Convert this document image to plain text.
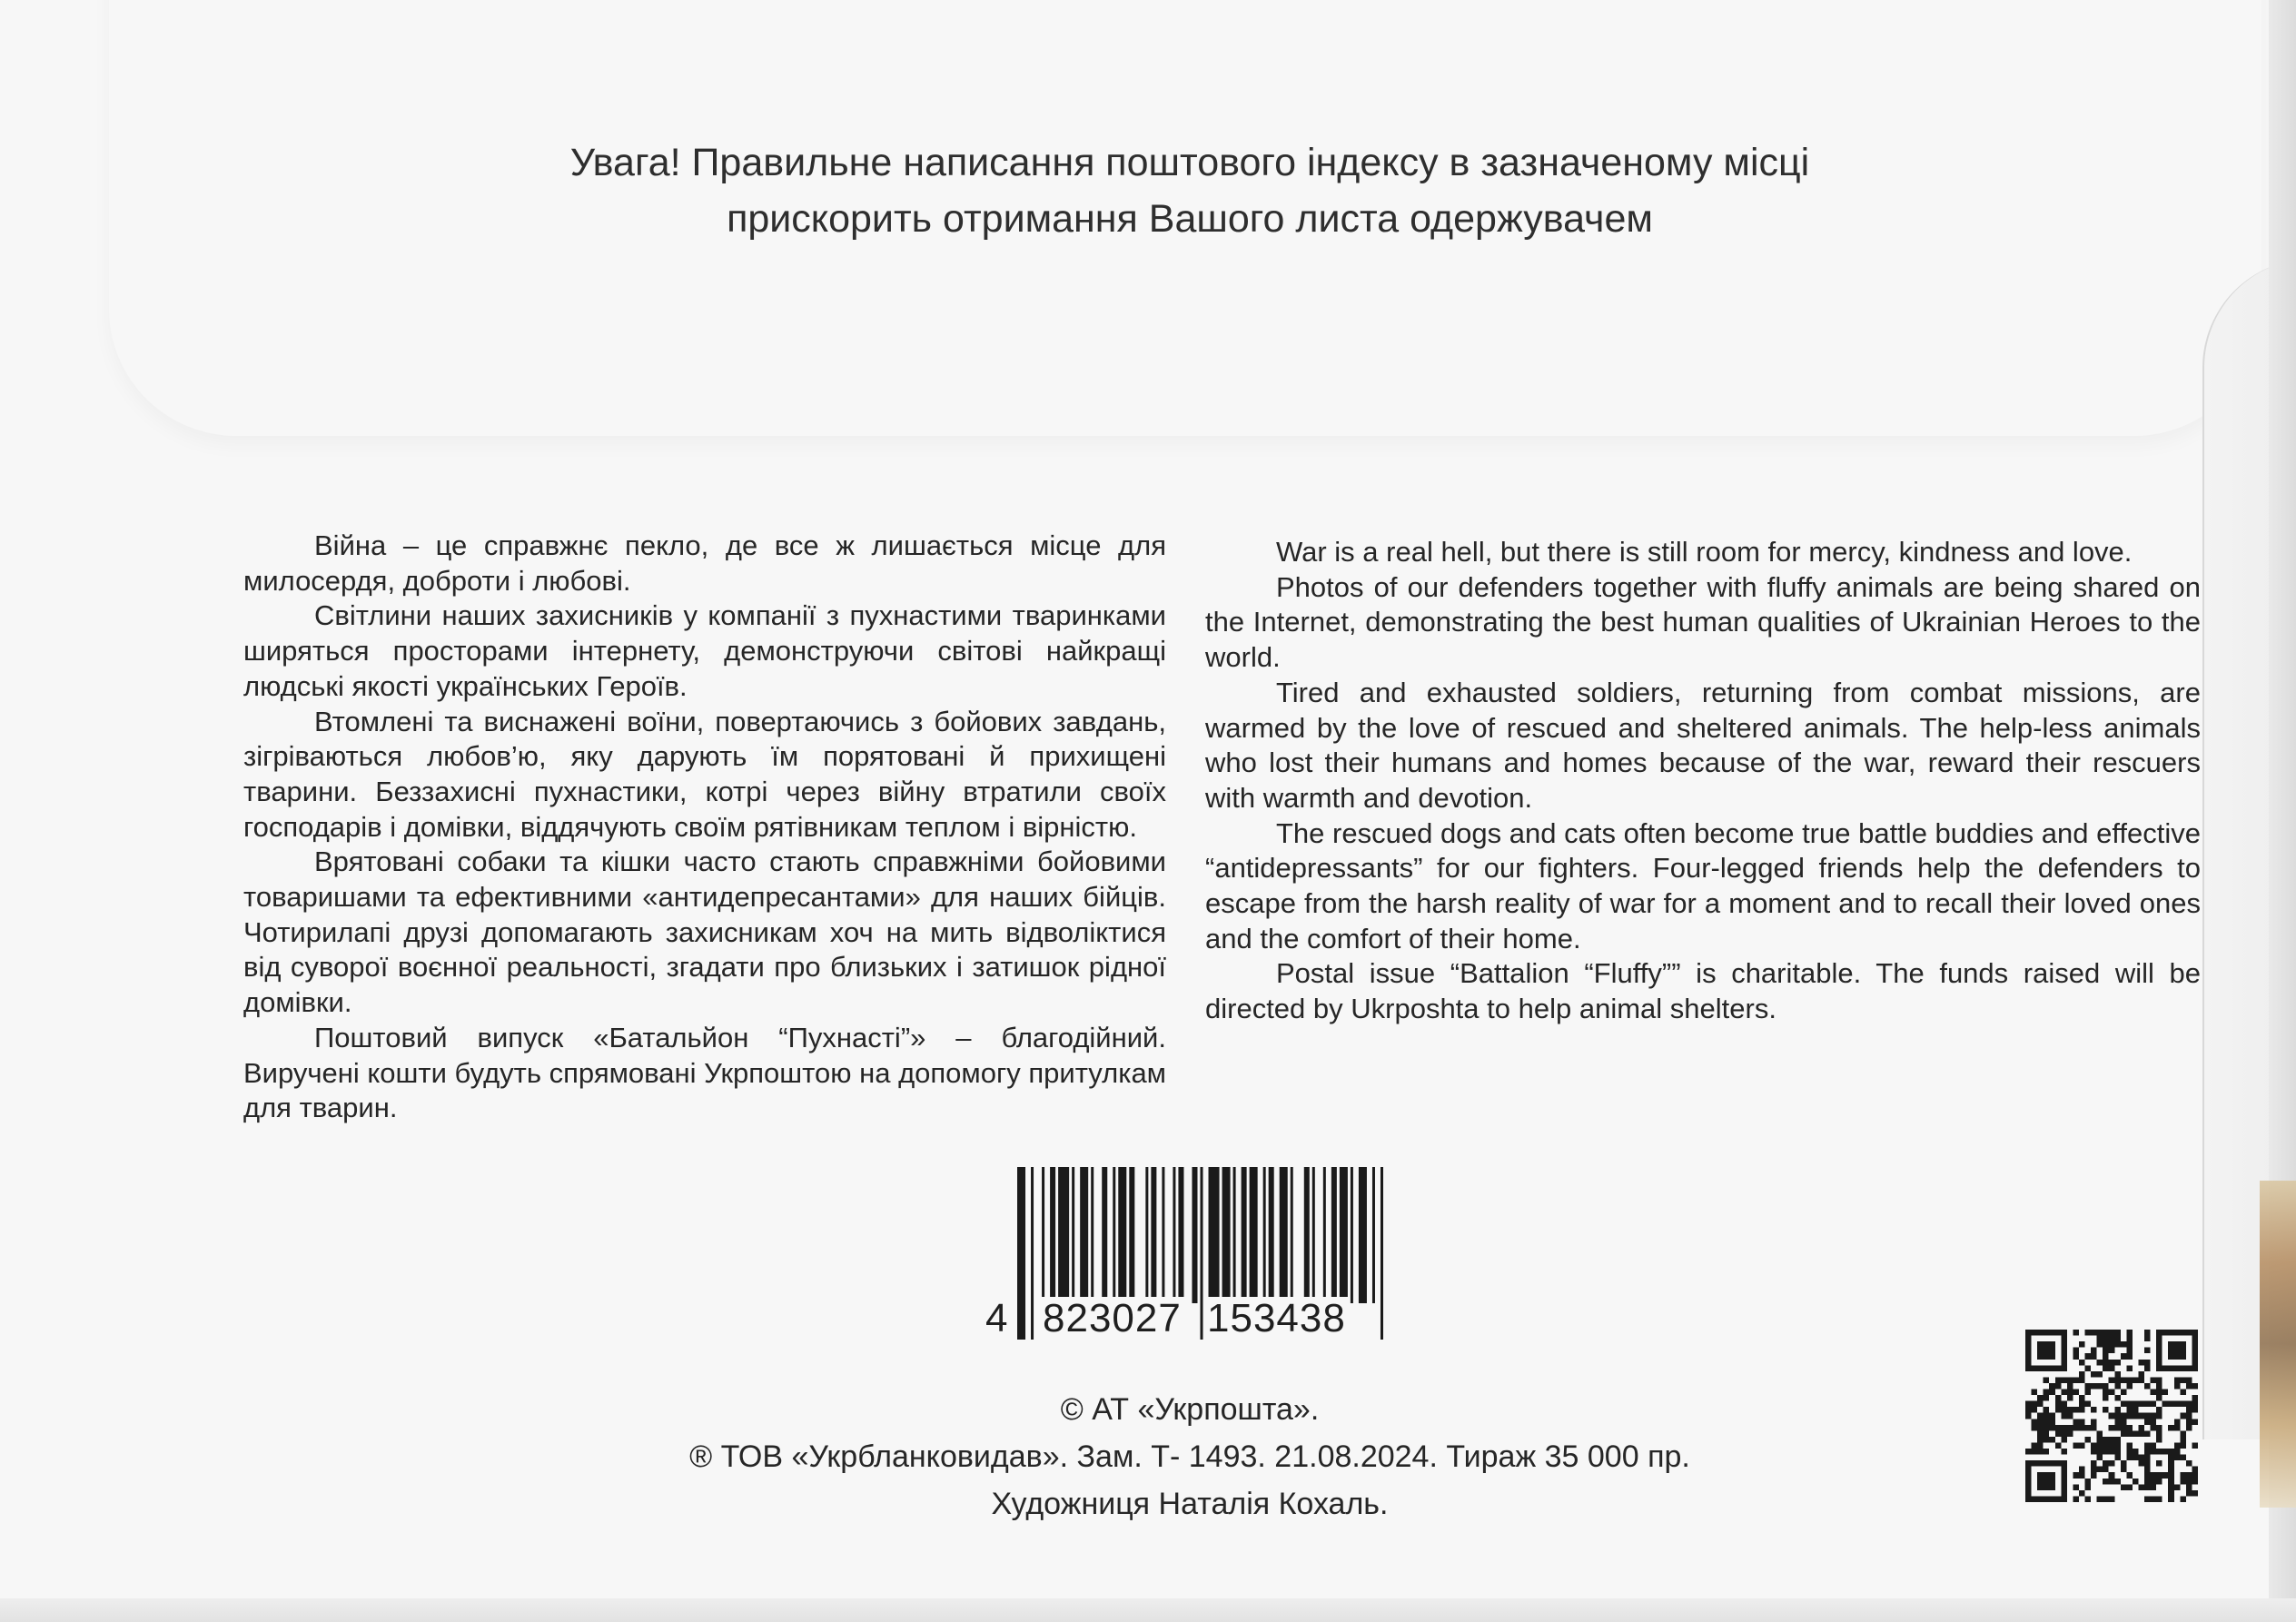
Увага! Правильне написання поштового індексу в зазначеному місці
прискорить отримання Вашого листа одержувачем

Війна – це справжнє пекло, де все ж лишається місце для милосердя, доброти і любові.

Світлини наших захисників у компанії з пухнастими тваринками ширяться просторами інтернету, демонструючи світові найкращі людські якості українських Героїв.

Втомлені та виснажені воїни, повертаючись з бойових завдань, зігріваються любов’ю, яку дарують їм порятовані й прихищені тварини. Беззахисні пухнастики, котрі через війну втратили своїх господарів і домівки, віддячують своїм рятівникам теплом і вірністю.

Врятовані собаки та кішки часто стають справжніми бойовими товаришами та ефективними «антидепресантами» для наших бійців. Чотирилапі друзі допомагають захисникам хоч на мить відволіктися від суворої воєнної реальності, згадати про близьких і затишок рідної домівки.

Поштовий випуск «Батальйон “Пухнасті”» – благодійний. Виручені кошти будуть спрямовані Укрпоштою на допомогу притулкам для тварин.

War is a real hell, but there is still room for mercy, kindness and love.

Photos of our defenders together with fluffy animals are being shared on the Internet, demonstrating the best human qualities of Ukrainian Heroes to the world.

Tired and exhausted soldiers, returning from combat missions, are warmed by the love of rescued and sheltered animals. The help-less animals who lost their humans and homes because of the war, reward their rescuers with warmth and devotion.

The rescued dogs and cats often become true battle buddies and effective “antidepressants” for our fighters. Four-legged friends help the defenders to escape from the harsh reality of war for a moment and to recall their loved ones and the comfort of their home.

Postal issue “Battalion “Fluffy”” is charitable. The funds raised will be directed by Ukrposhta to help animal shelters.

4 823027 153438
© АТ «Укрпошта».
® ТОВ «Укрбланковидав». Зам. Т- 1493. 21.08.2024. Тираж 35 000 пр.
Художниця Наталія Кохаль.
